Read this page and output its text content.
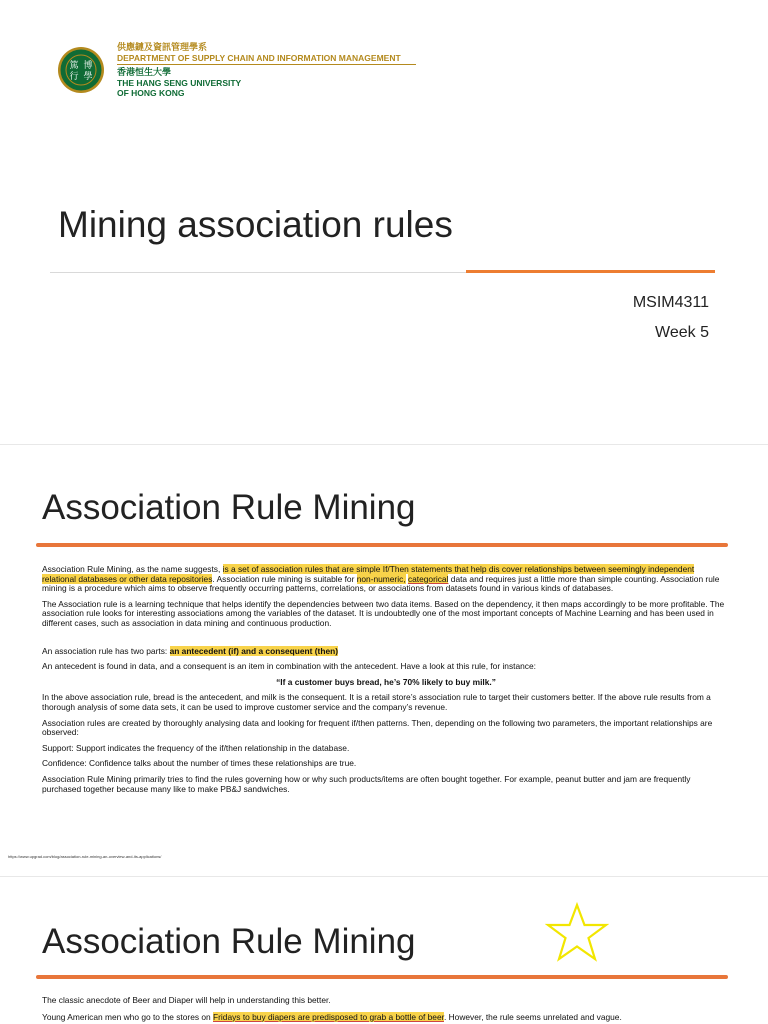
篤 博
行 學
供應鏈及資訊管理學系
DEPARTMENT OF SUPPLY CHAIN AND INFORMATION MANAGEMENT
香港恒生大學
THE HANG SENG UNIVERSITY
OF HONG KONG
Mining association rules
MSIM4311
Week 5
Association Rule Mining

Association Rule Mining, as the name suggests, is a set of association rules that are simple If/Then statements that help dis cover relationships between seemingly independent relational databases or other data repositories. Association rule mining is suitable for non-numeric, categorical data and requires just a little more than simple counting. Association rule mining is a procedure which aims to observe frequently occurring patterns, correlations, or associations from datasets found in various kinds of databases.

The Association rule is a learning technique that helps identify the dependencies between two data items. Based on the dependency, it then maps accordingly to be more profitable. The association rule looks for interesting associations among the variables of the dataset. It is undoubtedly one of the most important concepts of Machine Learning and has been used in different cases, such as association in data mining and continuous production.

An association rule has two parts: an antecedent (if) and a consequent (then)

An antecedent is found in data, and a consequent is an item in combination with the antecedent. Have a look at this rule, for instance:

“If a customer buys bread, he’s 70% likely to buy milk.”

In the above association rule, bread is the antecedent, and milk is the consequent. It is a retail store’s association rule to target their customers better. If the above rule results from a thorough analysis of some data sets, it can be used to improve customer service and the company’s revenue.

Association rules are created by thoroughly analysing data and looking for frequent if/then patterns. Then, depending on the following two parameters, the important relationships are observed:

Support: Support indicates the frequency of the if/then relationship in the database.

Confidence: Confidence talks about the number of times these relationships are true.

Association Rule Mining primarily tries to find the rules governing how or why such products/items are often bought together. For example, peanut butter and jam are frequently purchased together because many like to make PB&J sandwiches.

https://www.upgrad.com/blog/association-rule-mining-an-overview-and-its-applications/
Association Rule Mining

The classic anecdote of Beer and Diaper will help in understanding this better.

Young American men who go to the stores on Fridays to buy diapers are predisposed to grab a bottle of beer. However, the rule seems unrelated and vague.
